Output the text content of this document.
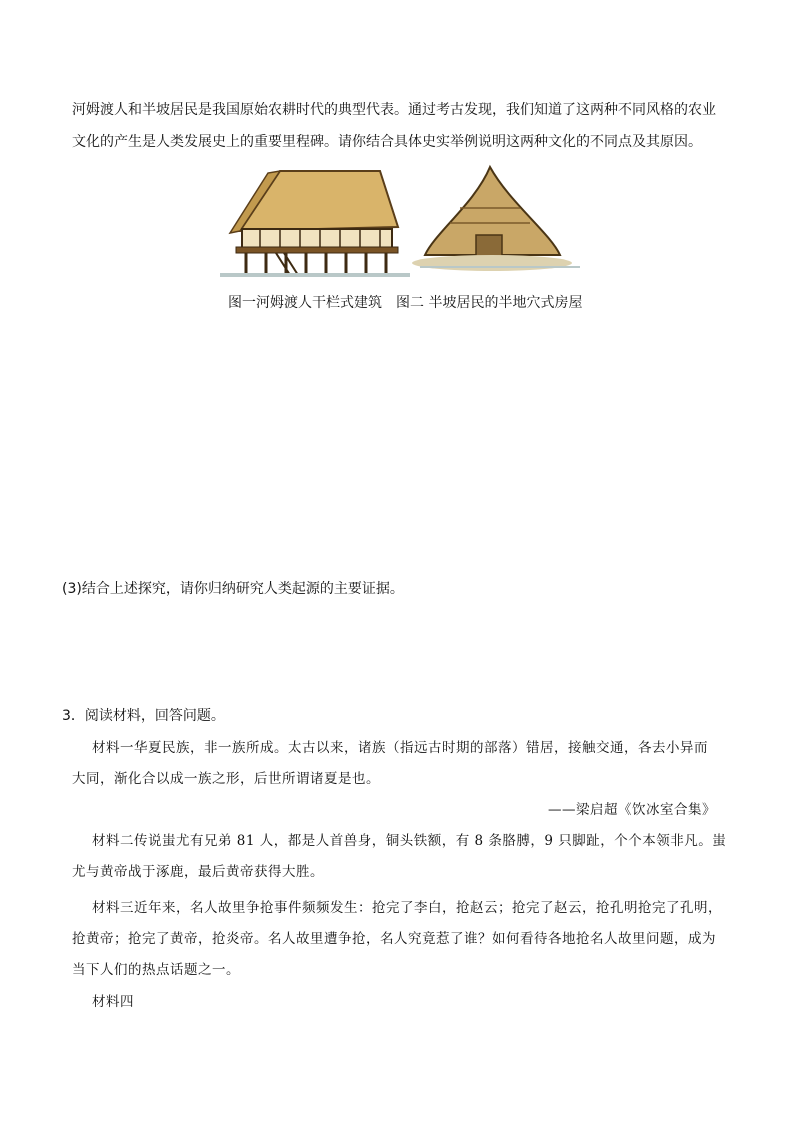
河姆渡人和半坡居民是我国原始农耕时代的典型代表。通过考古发现，我们知道了这两种不同风格的农业
文化的产生是人类发展史上的重要里程碑。请你结合具体史实举例说明这两种文化的不同点及其原因。
图一河姆渡人干栏式建筑　图二 半坡居民的半地穴式房屋
(3)结合上述探究，请你归纳研究人类起源的主要证据。
3．阅读材料，回答问题。
材料一华夏民族，非一族所成。太古以来，诸族（指远古时期的部落）错居，接触交通，各去小异而
大同，渐化合以成一族之形，后世所谓诸夏是也。
——梁启超《饮冰室合集》
材料二传说蚩尤有兄弟 81 人，都是人首兽身，铜头铁额，有 8 条胳膊，9 只脚趾，个个本领非凡。蚩
尤与黄帝战于涿鹿，最后黄帝获得大胜。
材料三近年来，名人故里争抢事件频频发生：抢完了李白，抢赵云；抢完了赵云，抢孔明抢完了孔明，
抢黄帝；抢完了黄帝，抢炎帝。名人故里遭争抢，名人究竟惹了谁？如何看待各地抢名人故里问题，成为
当下人们的热点话题之一。
材料四
